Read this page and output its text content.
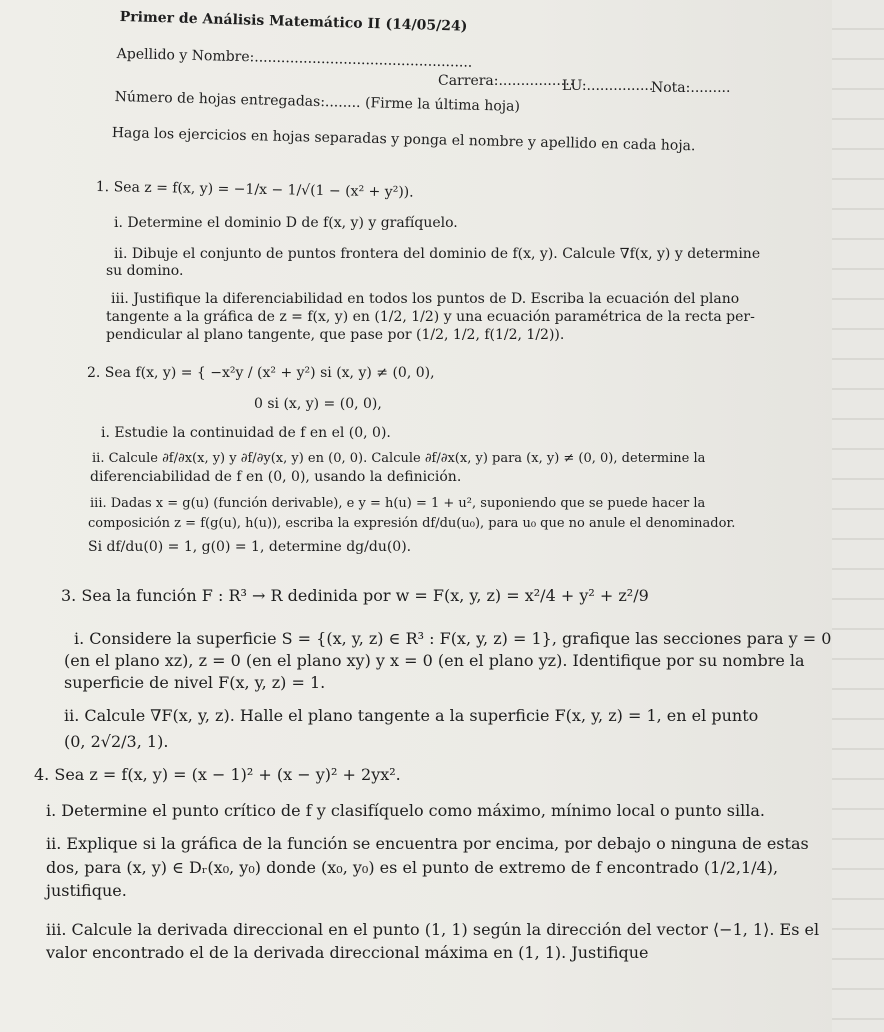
Primer de Análisis Matemático II (14/05/24)
Apellido y Nombre:.................................................
Carrera:.................
LU:...............
Nota:.........
Número de hojas entregadas:........ (Firme la última hoja)
Haga los ejercicios en hojas separadas y ponga el nombre y apellido en cada hoja.
1. Sea z = f(x, y) = −1/x − 1/√(1 − (x² + y²)).
i. Determine el dominio D de f(x, y) y grafíquelo.
ii. Dibuje el conjunto de puntos frontera del dominio de f(x, y). Calcule ∇f(x, y) y determine
su domino.
iii. Justifique la diferenciabilidad en todos los puntos de D. Escriba la ecuación del plano
tangente a la gráfica de z = f(x, y) en (1/2, 1/2) y una ecuación paramétrica de la recta per-
pendicular al plano tangente, que pase por (1/2, 1/2, f(1/2, 1/2)).
2. Sea f(x, y) = { −x²y / (x² + y²) si (x, y) ≠ (0, 0),
0 si (x, y) = (0, 0),
i. Estudie la continuidad de f en el (0, 0).
ii. Calcule ∂f/∂x(x, y) y ∂f/∂y(x, y) en (0, 0). Calcule ∂f/∂x(x, y) para (x, y) ≠ (0, 0), determine la
diferenciabilidad de f en (0, 0), usando la definición.
iii. Dadas x = g(u) (función derivable), e y = h(u) = 1 + u², suponiendo que se puede hacer la
composición z = f(g(u), h(u)), escriba la expresión df/du(u₀), para u₀ que no anule el denominador.
Si df/du(0) = 1, g(0) = 1, determine dg/du(0).
3. Sea la función F : R³ → R dedinida por w = F(x, y, z) = x²/4 + y² + z²/9
i. Considere la superficie S = {(x, y, z) ∈ R³ : F(x, y, z) = 1}, grafique las secciones para y = 0
(en el plano xz), z = 0 (en el plano xy) y x = 0 (en el plano yz). Identifique por su nombre la
superficie de nivel F(x, y, z) = 1.
ii. Calcule ∇F(x, y, z). Halle el plano tangente a la superficie F(x, y, z) = 1, en el punto
(0, 2√2/3, 1).
4. Sea z = f(x, y) = (x − 1)² + (x − y)² + 2yx².
i. Determine el punto crítico de f y clasifíquelo como máximo, mínimo local o punto silla.
ii. Explique si la gráfica de la función se encuentra por encima, por debajo o ninguna de estas
dos, para (x, y) ∈ Dᵣ(x₀, y₀) donde (x₀, y₀) es el punto de extremo de f encontrado (1/2,1/4),
justifique.
iii. Calcule la derivada direccional en el punto (1, 1) según la dirección del vector ⟨−1, 1⟩. Es el
valor encontrado el de la derivada direccional máxima en (1, 1). Justifique
